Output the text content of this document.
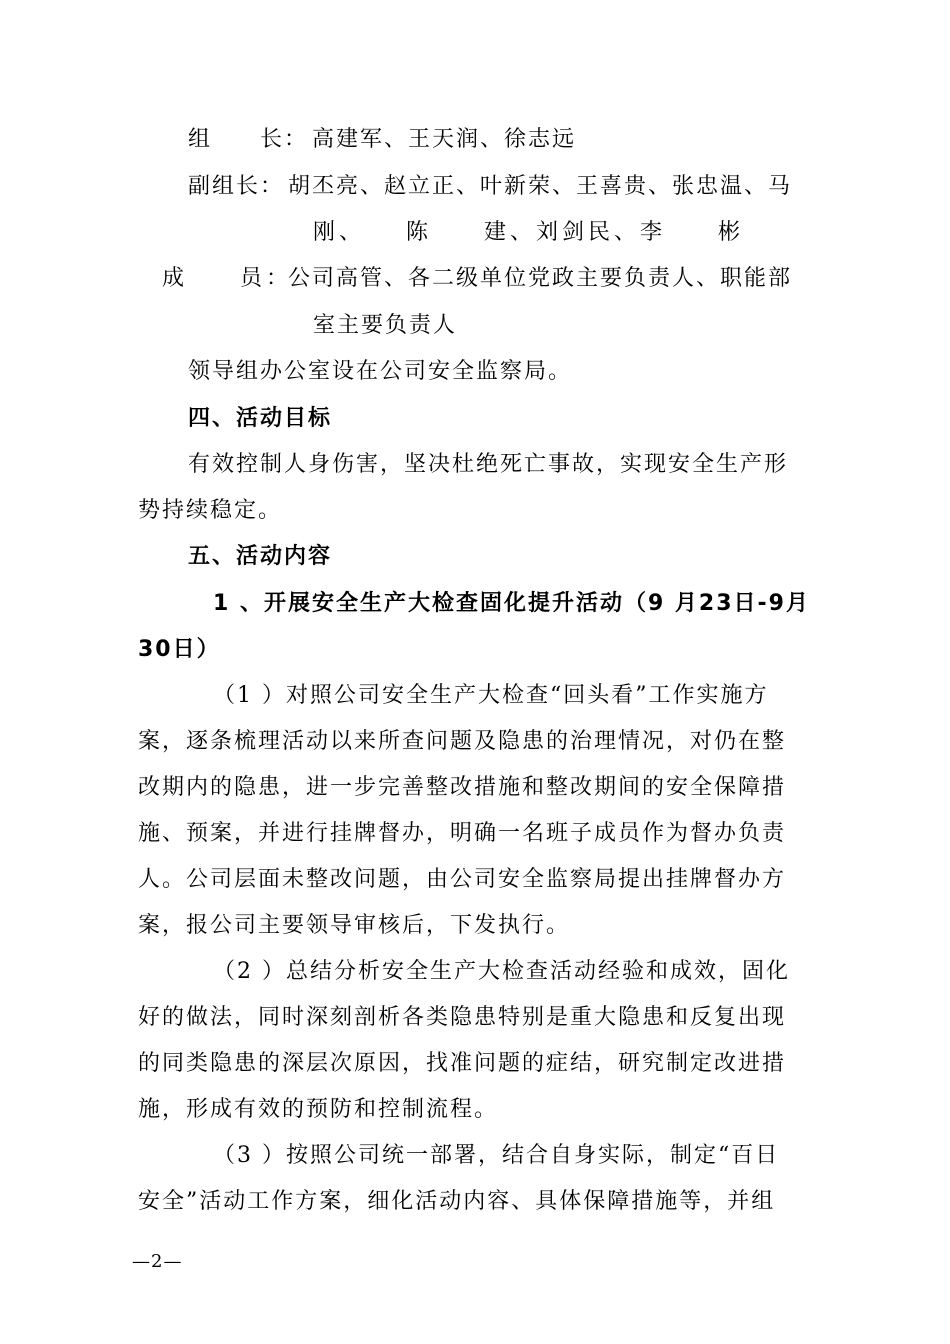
组　　长： 高建军、王天润、徐志远
副组长： 胡丕亮、赵立正、叶新荣、王喜贵、张忠温、马
刚、　　陈　　建、刘剑民、李　　彬
成　　员：
公司高管、各二级单位党政主要负责人、职能部
室主要负责人
领导组办公室设在公司安全监察局。
四、活动目标
有效控制人身伤害，坚决杜绝死亡事故，实现安全生产形
势持续稳定。
五、活动内容
1 、开展安全生产大检查固化提升活动（9 月23日-9月
30日）
（1 ）对照公司安全生产大检查“回头看”工作实施方
案，逐条梳理活动以来所查问题及隐患的治理情况，对仍在整
改期内的隐患，进一步完善整改措施和整改期间的安全保障措
施、预案，并进行挂牌督办，明确一名班子成员作为督办负责
人。公司层面未整改问题，由公司安全监察局提出挂牌督办方
案，报公司主要领导审核后，下发执行。
（2 ）总结分析安全生产大检查活动经验和成效，固化
好的做法，同时深刻剖析各类隐患特别是重大隐患和反复出现
的同类隐患的深层次原因，找准问题的症结，研究制定改进措
施，形成有效的预防和控制流程。
（3 ）按照公司统一部署，结合自身实际，制定“百日
安全”活动工作方案，细化活动内容、具体保障措施等，并组
—2—
